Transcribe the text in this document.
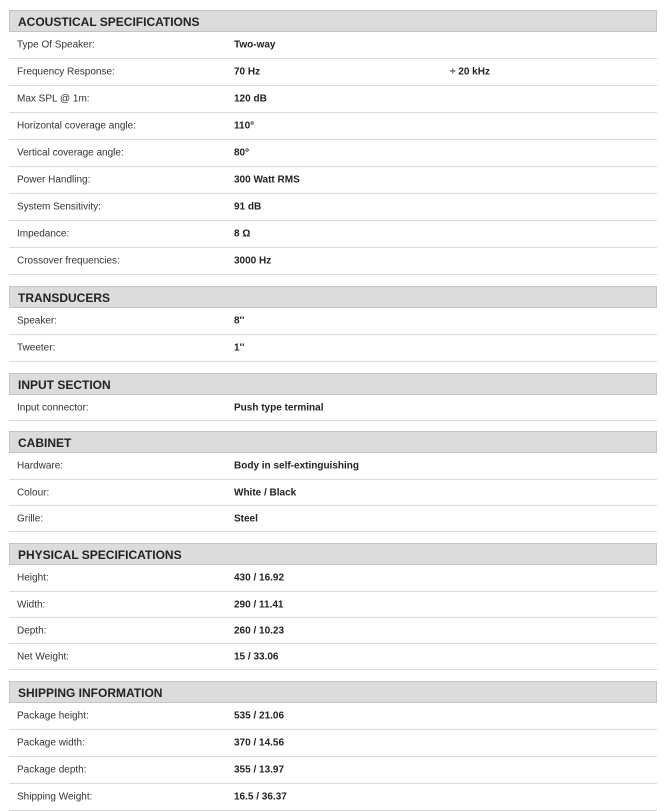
ACOUSTICAL SPECIFICATIONS
Type Of Speaker:	Two-way
Frequency Response:	70 Hz	÷ 20 kHz
Max SPL @ 1m:	120 dB
Horizontal coverage angle:	110°
Vertical coverage angle:	80°
Power Handling:	300 Watt RMS
System Sensitivity:	91 dB
Impedance:	8 Ω
Crossover frequencies:	3000 Hz
TRANSDUCERS
Speaker:	8''
Tweeter:	1''
INPUT SECTION
Input connector:	Push type terminal
CABINET
Hardware:	Body in self-extinguishing
Colour:	White / Black
Grille:	Steel
PHYSICAL SPECIFICATIONS
Height:	430 / 16.92
Width:	290 / 11.41
Depth:	260 / 10.23
Net Weight:	15 / 33.06
SHIPPING INFORMATION
Package height:	535 / 21.06
Package width:	370 / 14.56
Package depth:	355 / 13.97
Shipping Weight:	16.5 / 36.37
